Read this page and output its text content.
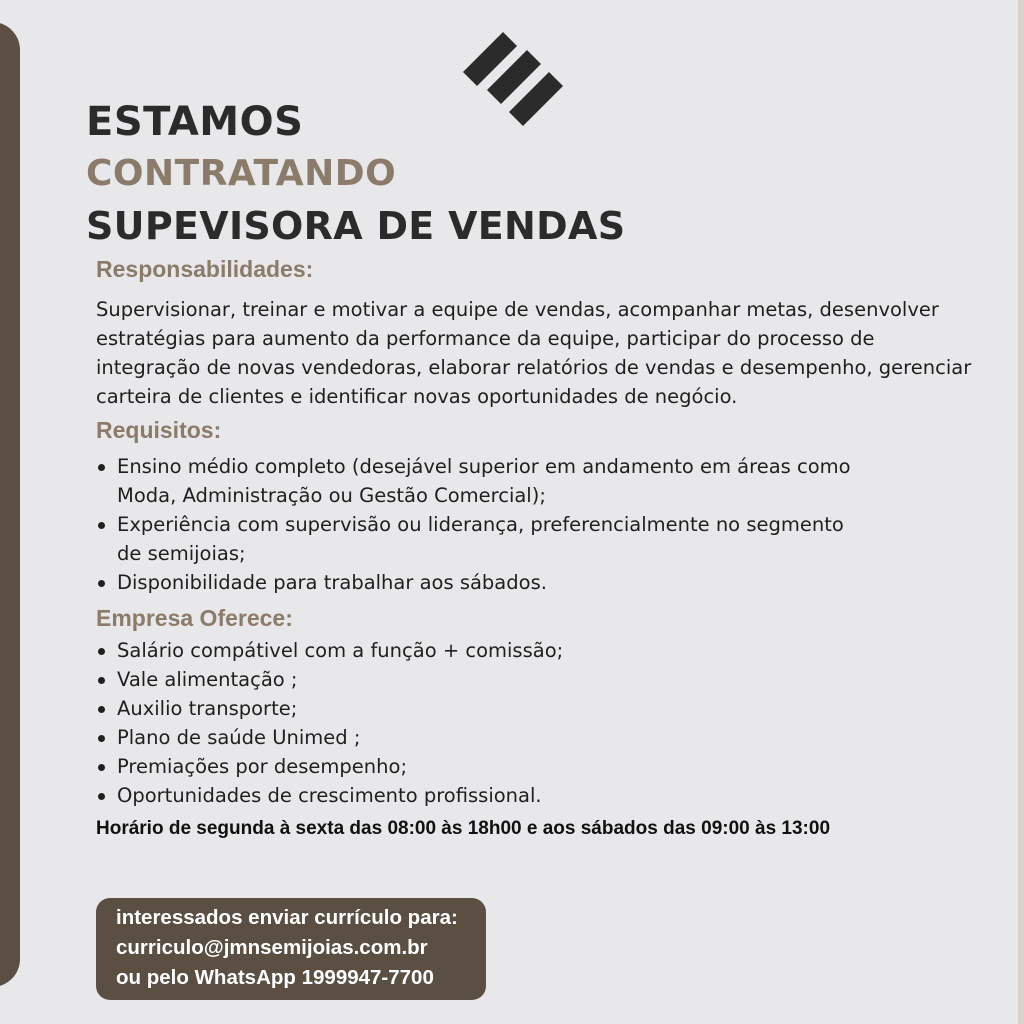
ESTAMOS
CONTRATANDO
SUPEVISORA DE VENDAS
Responsabilidades:

Supervisionar, treinar e motivar a equipe de vendas, acompanhar metas, desenvolver estratégias para aumento da performance da equipe, participar do processo de integração de novas vendedoras, elaborar relatórios de vendas e desempenho, gerenciar carteira de clientes e identificar novas oportunidades de negócio.

Requisitos:
Ensino médio completo (desejável superior em andamento em áreas como Moda, Administração ou Gestão Comercial);
Experiência com supervisão ou liderança, preferencialmente no segmento de semijoias;
Disponibilidade para trabalhar aos sábados.
Empresa Oferece:
Salário compátivel com a função + comissão;
Vale alimentação ;
Auxilio transporte;
Plano de saúde Unimed ;
Premiações por desempenho;
Oportunidades de crescimento profissional.
Horário de segunda à sexta das 08:00 às 18h00 e aos sábados das 09:00 às 13:00
interessados enviar currículo para:
curriculo@jmnsemijoias.com.br
ou pelo WhatsApp 1999947-7700
